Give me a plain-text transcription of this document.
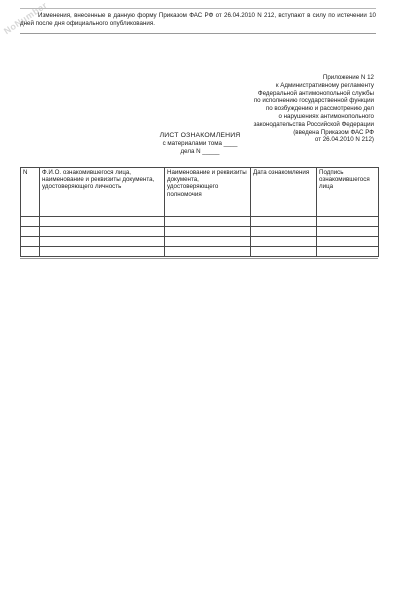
NoNumber
Изменения, внесенные в данную форму Приказом ФАС РФ от 26.04.2010 N 212, вступают в силу по истечении 10 дней после дня официального опубликования.
Приложение N 12
к Административному регламенту
Федеральной антимонопольной службы
по исполнению государственной функции
по возбуждению и рассмотрению дел
о нарушениях антимонопольного
законодательства Российской Федерации
(введена Приказом ФАС РФ
от 26.04.2010 N 212)
ЛИСТ ОЗНАКОМЛЕНИЯ
с материалами тома ____
дела N _____
N	Ф.И.О. ознакомившегося лица, наименование и реквизиты документа, удостоверяющего личность	Наименование и реквизиты документа, удостоверяющего полномочия	Дата ознакомления	Подпись ознакомившегося лица
